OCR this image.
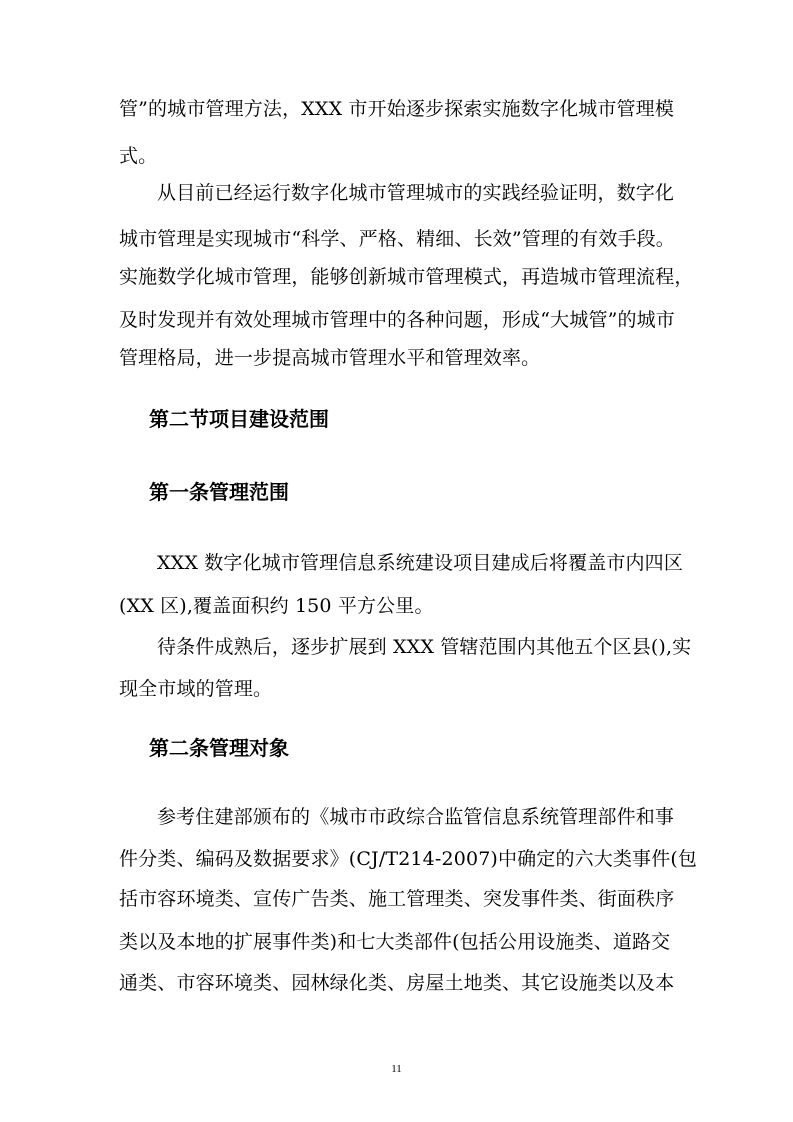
管”的城市管理方法，XXX 市开始逐步探索实施数字化城市管理模
式。
从目前已经运行数字化城市管理城市的实践经验证明，数字化
城市管理是实现城市“科学、严格、精细、长效”管理的有效手段。
实施数学化城市管理，能够创新城市管理模式，再造城市管理流程，
及时发现并有效处理城市管理中的各种问题，形成“大城管”的城市
管理格局，进一步提高城市管理水平和管理效率。
第二节项目建设范围
第一条管理范围
XXX 数字化城市管理信息系统建设项目建成后将覆盖市内四区
(XX 区),覆盖面积约 150 平方公里。
待条件成熟后，逐步扩展到 XXX 管辖范围内其他五个区县(),实
现全市域的管理。
第二条管理对象
参考住建部颁布的《城市市政综合监管信息系统管理部件和事
件分类、编码及数据要求》(CJ/T214-2007)中确定的六大类事件(包
括市容环境类、宣传广告类、施工管理类、突发事件类、街面秩序
类以及本地的扩展事件类)和七大类部件(包括公用设施类、道路交
通类、市容环境类、园林绿化类、房屋土地类、其它设施类以及本
11
